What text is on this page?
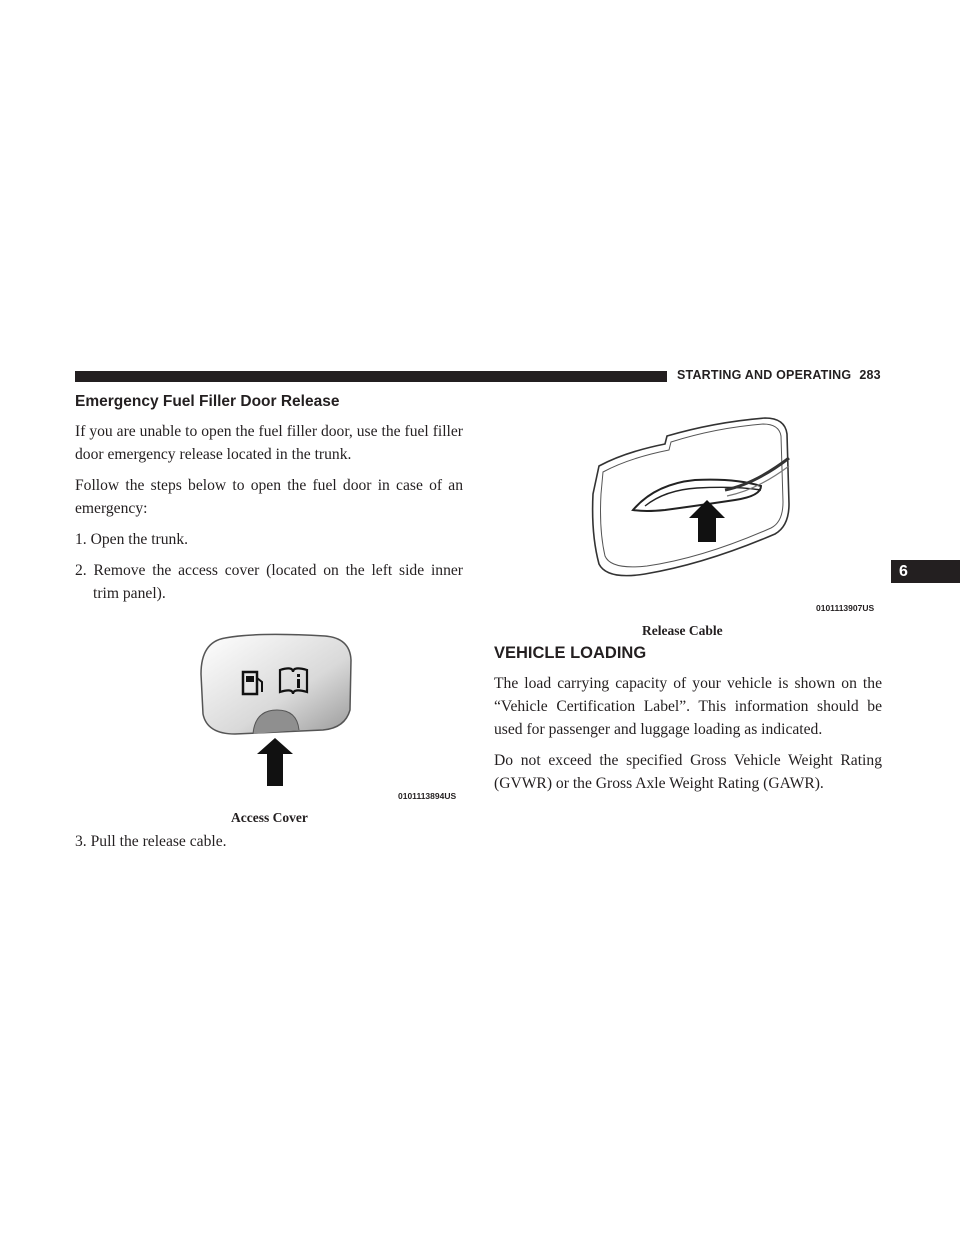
STARTING AND OPERATING 283
6
Emergency Fuel Filler Door Release

If you are unable to open the fuel filler door, use the fuel filler door emergency release located in the trunk.

Follow the steps below to open the fuel door in case of an emergency:

1. Open the trunk.

2. Remove the access cover (located on the left side inner trim panel).

0101113894US
Access Cover
3. Pull the release cable.
0101113907US
Release Cable
VEHICLE LOADING

The load carrying capacity of your vehicle is shown on the “Vehicle Certification Label”. This information should be used for passenger and luggage loading as indicated.

Do not exceed the specified Gross Vehicle Weight Rating (GVWR) or the Gross Axle Weight Rating (GAWR).
